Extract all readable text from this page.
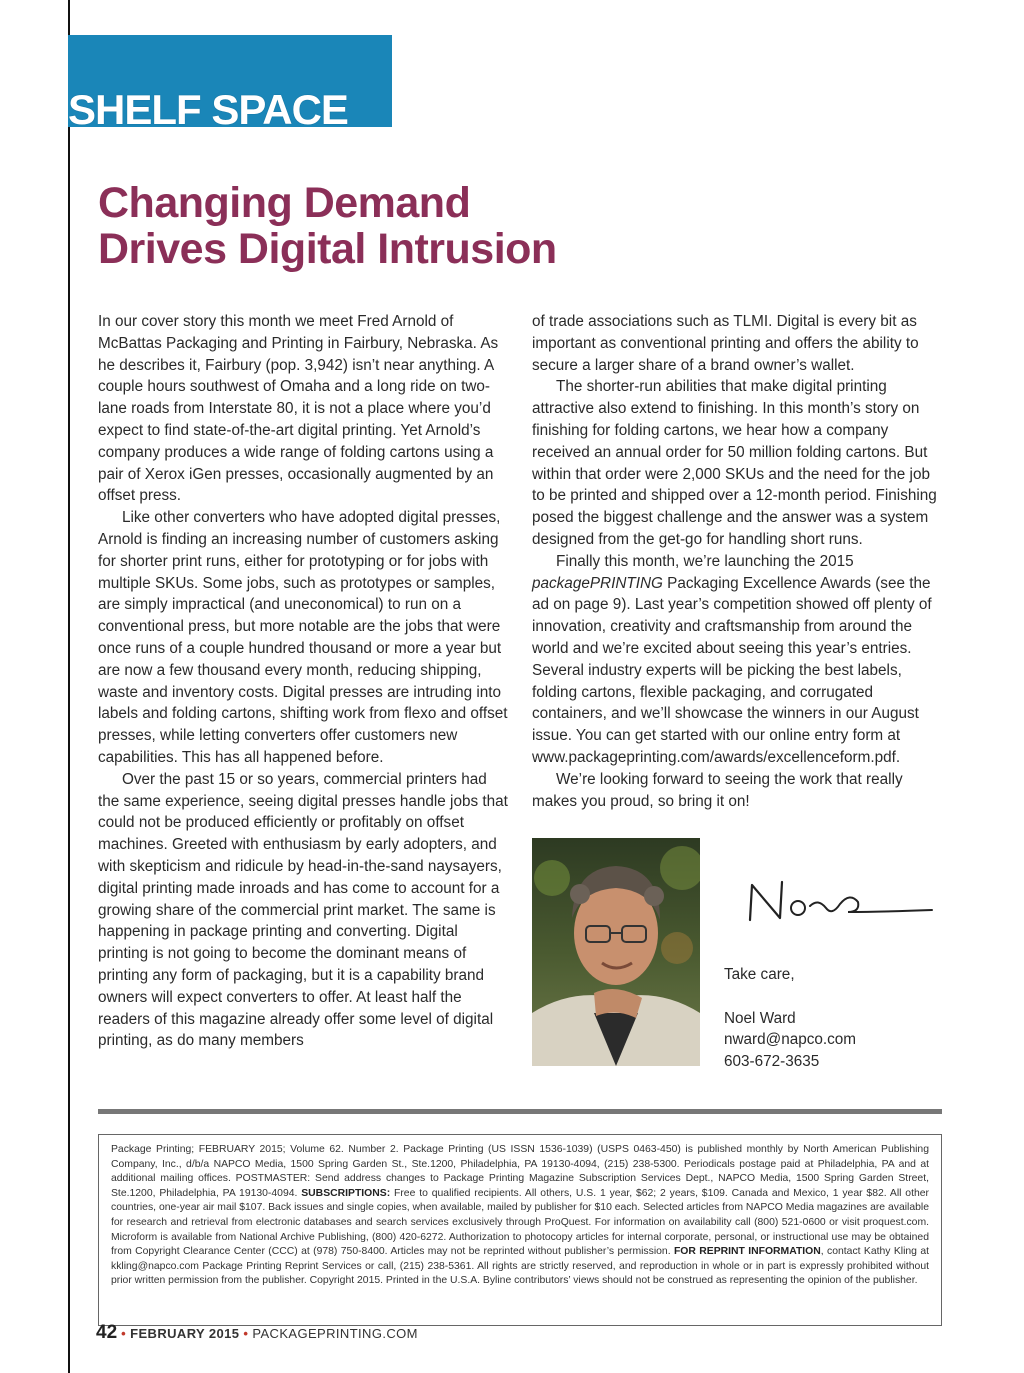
SHELF SPACE
Changing Demand
Drives Digital Intrusion

In our cover story this month we meet Fred Arnold of McBattas Packaging and Printing in Fairbury, Nebraska. As he describes it, Fairbury (pop. 3,942) isn’t near anything. A couple hours southwest of Omaha and a long ride on two-lane roads from Interstate 80, it is not a place where you’d expect to find state-of-the-art digital printing. Yet Arnold’s company produces a wide range of folding cartons using a pair of Xerox iGen presses, occasionally augmented by an offset press.

Like other converters who have adopted digital presses, Arnold is finding an increasing number of customers asking for shorter print runs, either for prototyping or for jobs with multiple SKUs. Some jobs, such as prototypes or samples, are simply impractical (and uneconomical) to run on a conventional press, but more notable are the jobs that were once runs of a couple hundred thousand or more a year but are now a few thousand every month, reducing shipping, waste and inventory costs. Digital presses are intruding into labels and folding cartons, shifting work from flexo and offset presses, while letting converters offer customers new capabilities. This has all happened before.

Over the past 15 or so years, commercial printers had the same experience, seeing digital presses handle jobs that could not be produced efficiently or profitably on offset machines. Greeted with enthusiasm by early adopters, and with skepticism and ridicule by head-in-the-sand naysayers, digital printing made inroads and has come to account for a growing share of the commercial print market. The same is happening in package printing and converting. Digital printing is not going to become the dominant means of printing any form of packaging, but it is a capability brand owners will expect converters to offer. At least half the readers of this magazine already offer some level of digital printing, as do many members

of trade associations such as TLMI. Digital is every bit as important as conventional printing and offers the ability to secure a larger share of a brand owner’s wallet.

The shorter-run abilities that make digital printing attractive also extend to finishing. In this month’s story on finishing for folding cartons, we hear how a company received an annual order for 50 million folding cartons. But within that order were 2,000 SKUs and the need for the job to be printed and shipped over a 12-month period. Finishing posed the biggest challenge and the answer was a system designed from the get-go for handling short runs.

Finally this month, we’re launching the 2015 packagePRINTING Packaging Excellence Awards (see the ad on page 9). Last year’s competition showed off plenty of innovation, creativity and craftsmanship from around the world and we’re excited about seeing this year’s entries. Several industry experts will be picking the best labels, folding cartons, flexible packaging, and corrugated containers, and we’ll showcase the winners in our August issue. You can get started with our online entry form at www.packageprinting.com/awards/excellenceform.pdf.

We’re looking forward to seeing the work that really makes you proud, so bring it on!

Take care,
Noel Ward
nward@napco.com
603-672-3635
Package Printing; FEBRUARY 2015; Volume 62. Number 2. Package Printing (US ISSN 1536-1039) (USPS 0463-450) is published monthly by North American Publishing Company, Inc., d/b/a NAPCO Media, 1500 Spring Garden St., Ste.1200, Philadelphia, PA 19130-4094, (215) 238-5300. Periodicals postage paid at Philadelphia, PA and at additional mailing offices. POSTMASTER: Send address changes to Package Printing Magazine Subscription Services Dept., NAPCO Media, 1500 Spring Garden Street, Ste.1200, Philadelphia, PA 19130-4094. SUBSCRIPTIONS: Free to qualified recipients. All others, U.S. 1 year, $62; 2 years, $109. Canada and Mexico, 1 year $82. All other countries, one-year air mail $107. Back issues and single copies, when available, mailed by publisher for $10 each. Selected articles from NAPCO Media magazines are available for research and retrieval from electronic databases and search services exclusively through ProQuest. For information on availability call (800) 521-0600 or visit proquest.com. Microform is available from National Archive Publishing, (800) 420-6272. Authorization to photocopy articles for internal corporate, personal, or instructional use may be obtained from Copyright Clearance Center (CCC) at (978) 750-8400. Articles may not be reprinted without publisher’s permission. FOR REPRINT INFORMATION, contact Kathy Kling at kkling@napco.com Package Printing Reprint Services or call, (215) 238-5361. All rights are strictly reserved, and reproduction in whole or in part is expressly prohibited without prior written permission from the publisher. Copyright 2015. Printed in the U.S.A. Byline contributors’ views should not be construed as representing the opinion of the publisher.
42 • FEBRUARY 2015 • PACKAGEPRINTING.COM
